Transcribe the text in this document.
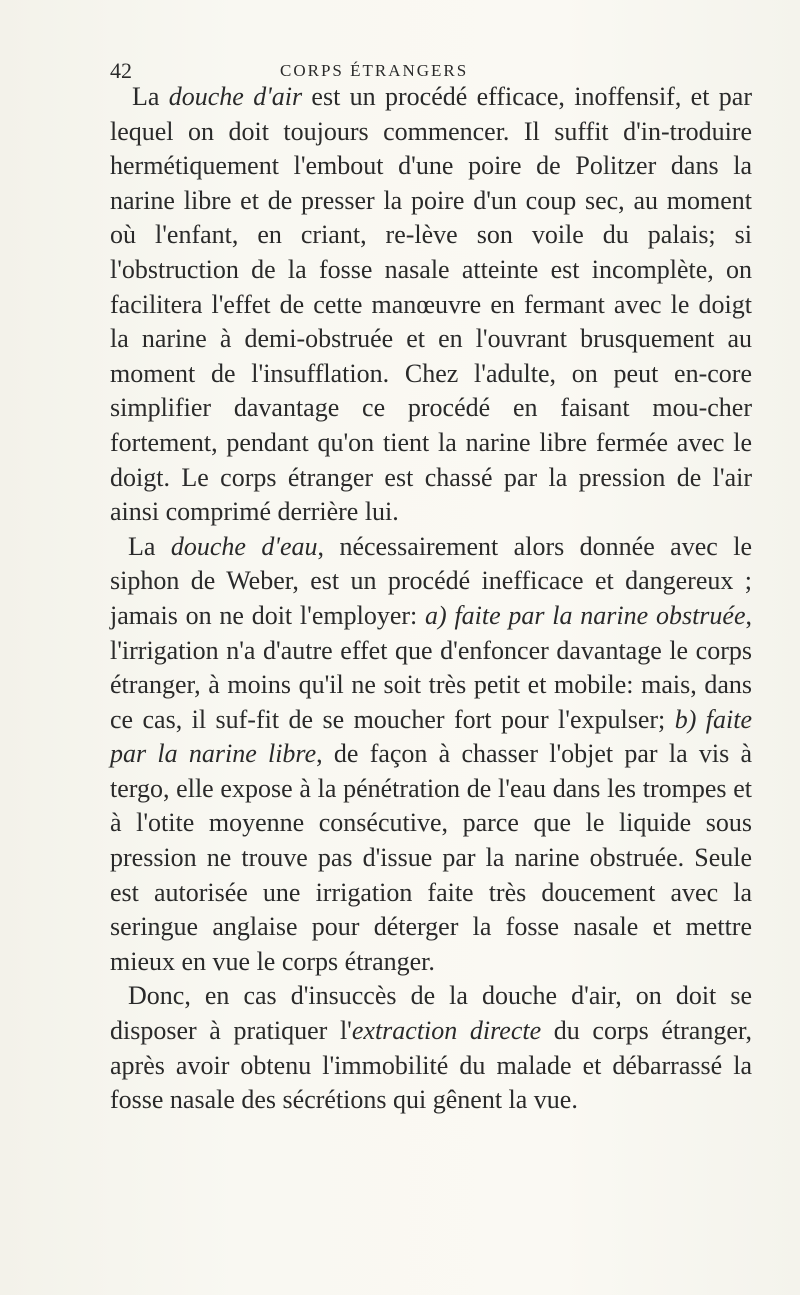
42	CORPS ÉTRANGERS

La douche d'air est un procédé efficace, inoffensif, et par lequel on doit toujours commencer. Il suffit d'in-troduire hermétiquement l'embout d'une poire de Politzer dans la narine libre et de presser la poire d'un coup sec, au moment où l'enfant, en criant, re-lève son voile du palais; si l'obstruction de la fosse nasale atteinte est incomplète, on facilitera l'effet de cette manœuvre en fermant avec le doigt la narine à demi-obstruée et en l'ouvrant brusquement au moment de l'insufflation. Chez l'adulte, on peut en-core simplifier davantage ce procédé en faisant mou-cher fortement, pendant qu'on tient la narine libre fermée avec le doigt. Le corps étranger est chassé par la pression de l'air ainsi comprimé derrière lui.

La douche d'eau, nécessairement alors donnée avec le siphon de Weber, est un procédé inefficace et dangereux ; jamais on ne doit l'employer: a) faite par la narine obstruée, l'irrigation n'a d'autre effet que d'enfoncer davantage le corps étranger, à moins qu'il ne soit très petit et mobile: mais, dans ce cas, il suf-fit de se moucher fort pour l'expulser; b) faite par la narine libre, de façon à chasser l'objet par la vis à tergo, elle expose à la pénétration de l'eau dans les trompes et à l'otite moyenne consécutive, parce que le liquide sous pression ne trouve pas d'issue par la narine obstruée. Seule est autorisée une irrigation faite très doucement avec la seringue anglaise pour déterger la fosse nasale et mettre mieux en vue le corps étranger.

Donc, en cas d'insuccès de la douche d'air, on doit se disposer à pratiquer l'extraction directe du corps étranger, après avoir obtenu l'immobilité du malade et débarrassé la fosse nasale des sécrétions qui gênent la vue.
